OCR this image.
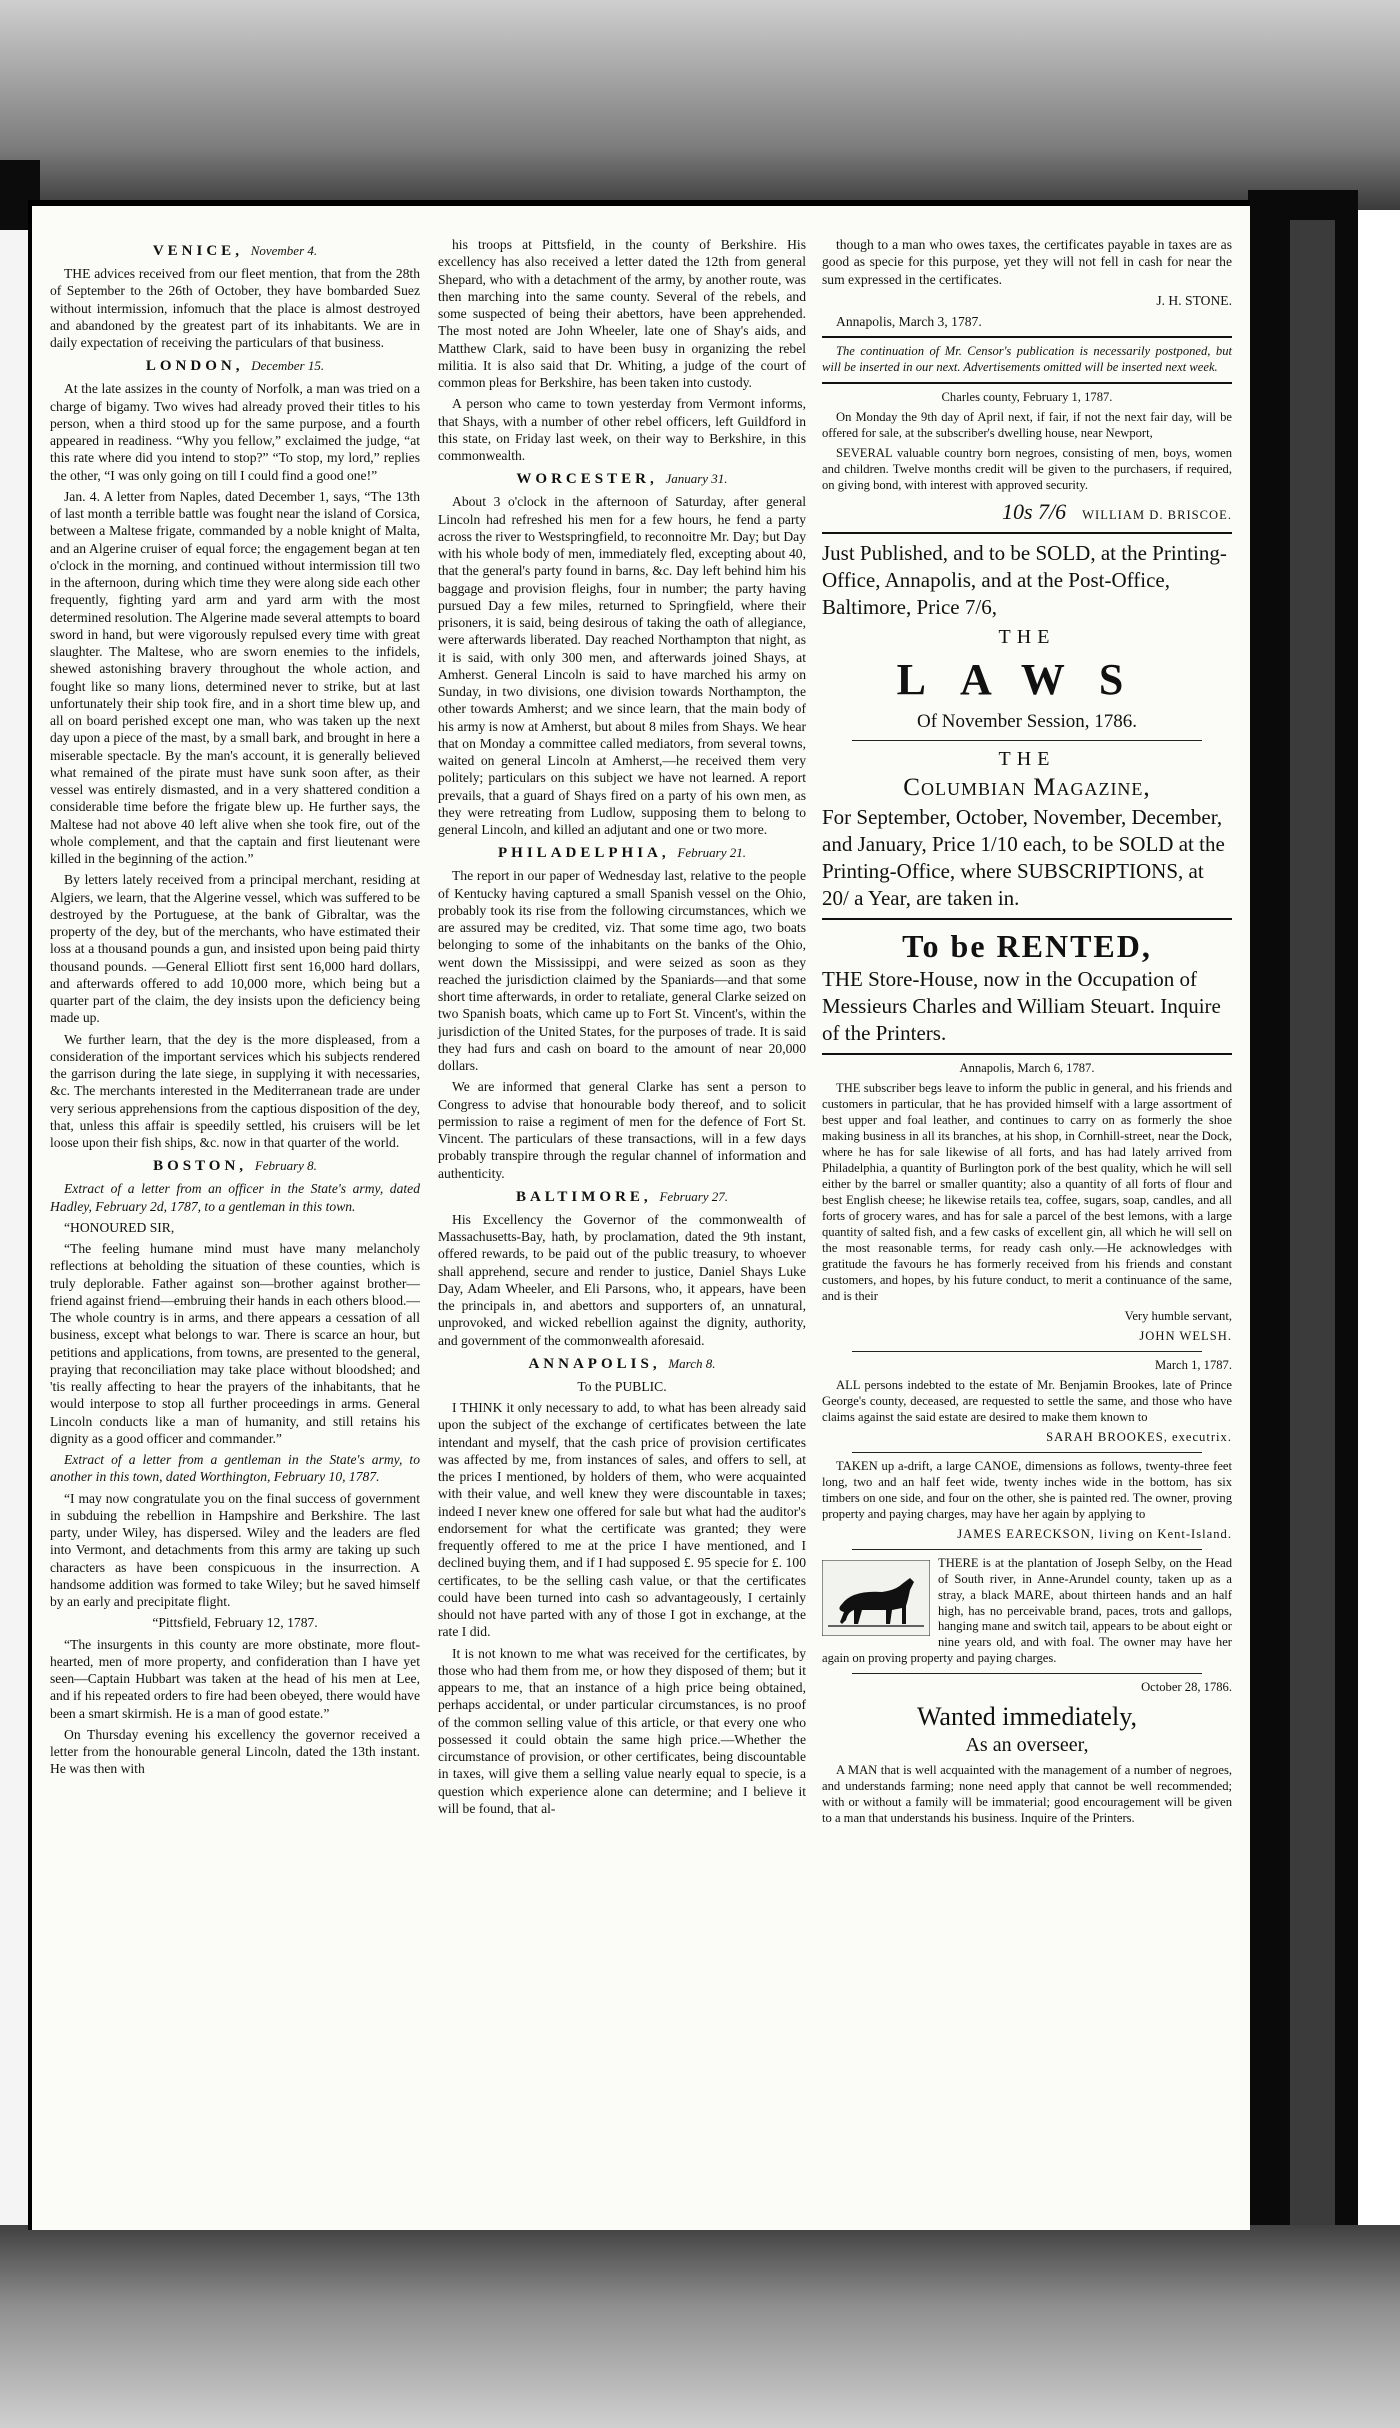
VENICE, November 4.

THE advices received from our fleet mention, that from the 28th of September to the 26th of October, they have bombarded Suez without intermission, infomuch that the place is almost destroyed and abandoned by the greatest part of its inhabitants. We are in daily expectation of receiving the particulars of that business.

LONDON, December 15.

At the late assizes in the county of Norfolk, a man was tried on a charge of bigamy. Two wives had already proved their titles to his person, when a third stood up for the same purpose, and a fourth appeared in readiness. “Why you fellow,” exclaimed the judge, “at this rate where did you intend to stop?” “To stop, my lord,” replies the other, “I was only going on till I could find a good one!”

Jan. 4. A letter from Naples, dated December 1, says, “The 13th of last month a terrible battle was fought near the island of Corsica, between a Maltese frigate, commanded by a noble knight of Malta, and an Algerine cruiser of equal force; the engagement began at ten o'clock in the morning, and continued without intermission till two in the afternoon, during which time they were along side each other frequently, fighting yard arm and yard arm with the most determined resolution. The Algerine made several attempts to board sword in hand, but were vigorously repulsed every time with great slaughter. The Maltese, who are sworn enemies to the infidels, shewed astonishing bravery throughout the whole action, and fought like so many lions, determined never to strike, but at last unfortunately their ship took fire, and in a short time blew up, and all on board perished except one man, who was taken up the next day upon a piece of the mast, by a small bark, and brought in here a miserable spectacle. By the man's account, it is generally believed what remained of the pirate must have sunk soon after, as their vessel was entirely dismasted, and in a very shattered condition a considerable time before the frigate blew up. He further says, the Maltese had not above 40 left alive when she took fire, out of the whole complement, and that the captain and first lieutenant were killed in the beginning of the action.”

By letters lately received from a principal merchant, residing at Algiers, we learn, that the Algerine vessel, which was suffered to be destroyed by the Portuguese, at the bank of Gibraltar, was the property of the dey, but of the merchants, who have estimated their loss at a thousand pounds a gun, and insisted upon being paid thirty thousand pounds. —General Elliott first sent 16,000 hard dollars, and afterwards offered to add 10,000 more, which being but a quarter part of the claim, the dey insists upon the deficiency being made up.

We further learn, that the dey is the more displeased, from a consideration of the important services which his subjects rendered the garrison during the late siege, in supplying it with necessaries, &c. The merchants interested in the Mediterranean trade are under very serious apprehensions from the captious disposition of the dey, that, unless this affair is speedily settled, his cruisers will be let loose upon their fish ships, &c. now in that quarter of the world.

BOSTON, February 8.

Extract of a letter from an officer in the State's army, dated Hadley, February 2d, 1787, to a gentleman in this town.

“HONOURED SIR,

“The feeling humane mind must have many melancholy reflections at beholding the situation of these counties, which is truly deplorable. Father against son—brother against brother—friend against friend—embruing their hands in each others blood.—The whole country is in arms, and there appears a cessation of all business, except what belongs to war. There is scarce an hour, but petitions and applications, from towns, are presented to the general, praying that reconciliation may take place without bloodshed; and 'tis really affecting to hear the prayers of the inhabitants, that he would interpose to stop all further proceedings in arms. General Lincoln conducts like a man of humanity, and still retains his dignity as a good officer and commander.”

Extract of a letter from a gentleman in the State's army, to another in this town, dated Worthington, February 10, 1787.

“I may now congratulate you on the final success of government in subduing the rebellion in Hampshire and Berkshire. The last party, under Wiley, has dispersed. Wiley and the leaders are fled into Vermont, and detachments from this army are taking up such characters as have been conspicuous in the insurrection. A handsome addition was formed to take Wiley; but he saved himself by an early and precipitate flight.

“Pittsfield, February 12, 1787.

“The insurgents in this county are more obstinate, more flout-hearted, men of more property, and confideration than I have yet seen—Captain Hubbart was taken at the head of his men at Lee, and if his repeated orders to fire had been obeyed, there would have been a smart skirmish. He is a man of good estate.”

On Thursday evening his excellency the governor received a letter from the honourable general Lincoln, dated the 13th instant. He was then with

his troops at Pittsfield, in the county of Berkshire. His excellency has also received a letter dated the 12th from general Shepard, who with a detachment of the army, by another route, was then marching into the same county. Several of the rebels, and some suspected of being their abettors, have been apprehended. The most noted are John Wheeler, late one of Shay's aids, and Matthew Clark, said to have been busy in organizing the rebel militia. It is also said that Dr. Whiting, a judge of the court of common pleas for Berkshire, has been taken into custody.

A person who came to town yesterday from Vermont informs, that Shays, with a number of other rebel officers, left Guildford in this state, on Friday last week, on their way to Berkshire, in this commonwealth.

WORCESTER, January 31.

About 3 o'clock in the afternoon of Saturday, after general Lincoln had refreshed his men for a few hours, he fend a party across the river to Westspringfield, to reconnoitre Mr. Day; but Day with his whole body of men, immediately fled, excepting about 40, that the general's party found in barns, &c. Day left behind him his baggage and provision fleighs, four in number; the party having pursued Day a few miles, returned to Springfield, where their prisoners, it is said, being desirous of taking the oath of allegiance, were afterwards liberated. Day reached Northampton that night, as it is said, with only 300 men, and afterwards joined Shays, at Amherst. General Lincoln is said to have marched his army on Sunday, in two divisions, one division towards Northampton, the other towards Amherst; and we since learn, that the main body of his army is now at Amherst, but about 8 miles from Shays. We hear that on Monday a committee called mediators, from several towns, waited on general Lincoln at Amherst,—he received them very politely; particulars on this subject we have not learned. A report prevails, that a guard of Shays fired on a party of his own men, as they were retreating from Ludlow, supposing them to belong to general Lincoln, and killed an adjutant and one or two more.

PHILADELPHIA, February 21.

The report in our paper of Wednesday last, relative to the people of Kentucky having captured a small Spanish vessel on the Ohio, probably took its rise from the following circumstances, which we are assured may be credited, viz. That some time ago, two boats belonging to some of the inhabitants on the banks of the Ohio, went down the Mississippi, and were seized as soon as they reached the jurisdiction claimed by the Spaniards—and that some short time afterwards, in order to retaliate, general Clarke seized on two Spanish boats, which came up to Fort St. Vincent's, within the jurisdiction of the United States, for the purposes of trade. It is said they had furs and cash on board to the amount of near 20,000 dollars.

We are informed that general Clarke has sent a person to Congress to advise that honourable body thereof, and to solicit permission to raise a regiment of men for the defence of Fort St. Vincent. The particulars of these transactions, will in a few days probably transpire through the regular channel of information and authenticity.

BALTIMORE, February 27.

His Excellency the Governor of the commonwealth of Massachusetts-Bay, hath, by proclamation, dated the 9th instant, offered rewards, to be paid out of the public treasury, to whoever shall apprehend, secure and render to justice, Daniel Shays Luke Day, Adam Wheeler, and Eli Parsons, who, it appears, have been the principals in, and abettors and supporters of, an unnatural, unprovoked, and wicked rebellion against the dignity, authority, and government of the commonwealth aforesaid.

ANNAPOLIS, March 8.

To the PUBLIC.

I THINK it only necessary to add, to what has been already said upon the subject of the exchange of certificates between the late intendant and myself, that the cash price of provision certificates was affected by me, from instances of sales, and offers to sell, at the prices I mentioned, by holders of them, who were acquainted with their value, and well knew they were discountable in taxes; indeed I never knew one offered for sale but what had the auditor's endorsement for what the certificate was granted; they were frequently offered to me at the price I have mentioned, and I declined buying them, and if I had supposed £. 95 specie for £. 100 certificates, to be the selling cash value, or that the certificates could have been turned into cash so advantageously, I certainly should not have parted with any of those I got in exchange, at the rate I did.

It is not known to me what was received for the certificates, by those who had them from me, or how they disposed of them; but it appears to me, that an instance of a high price being obtained, perhaps accidental, or under particular circumstances, is no proof of the common selling value of this article, or that every one who possessed it could obtain the same high price.—Whether the circumstance of provision, or other certificates, being discountable in taxes, will give them a selling value nearly equal to specie, is a question which experience alone can determine; and I believe it will be found, that al-

though to a man who owes taxes, the certificates payable in taxes are as good as specie for this purpose, yet they will not fell in cash for near the sum expressed in the certificates.

J. H. STONE.

Annapolis, March 3, 1787.

The continuation of Mr. Censor's publication is necessarily postponed, but will be inserted in our next. Advertisements omitted will be inserted next week.

Charles county, February 1, 1787.

On Monday the 9th day of April next, if fair, if not the next fair day, will be offered for sale, at the subscriber's dwelling house, near Newport,

SEVERAL valuable country born negroes, consisting of men, boys, women and children. Twelve months credit will be given to the purchasers, if required, on giving bond, with interest with approved security.

10s 7/6 WILLIAM D. BRISCOE.

Just Published, and to be SOLD, at the Printing-Office, Annapolis, and at the Post-Office, Baltimore, Price 7/6,

THE

LAWS

Of November Session, 1786.

THE

Columbian Magazine,

For September, October, November, December, and January, Price 1/10 each, to be SOLD at the Printing-Office, where SUBSCRIPTIONS, at 20/ a Year, are taken in.

To be RENTED,

THE Store-House, now in the Occupation of Messieurs Charles and William Steuart. Inquire of the Printers.

Annapolis, March 6, 1787.

THE subscriber begs leave to inform the public in general, and his friends and customers in particular, that he has provided himself with a large assortment of best upper and foal leather, and continues to carry on as formerly the shoe making business in all its branches, at his shop, in Cornhill-street, near the Dock, where he has for sale likewise of all forts, and has had lately arrived from Philadelphia, a quantity of Burlington pork of the best quality, which he will sell either by the barrel or smaller quantity; also a quantity of all forts of flour and best English cheese; he likewise retails tea, coffee, sugars, soap, candles, and all forts of grocery wares, and has for sale a parcel of the best lemons, with a large quantity of salted fish, and a few casks of excellent gin, all which he will sell on the most reasonable terms, for ready cash only.—He acknowledges with gratitude the favours he has formerly received from his friends and constant customers, and hopes, by his future conduct, to merit a continuance of the same, and is their

Very humble servant,

JOHN WELSH.

March 1, 1787.

ALL persons indebted to the estate of Mr. Benjamin Brookes, late of Prince George's county, deceased, are requested to settle the same, and those who have claims against the said estate are desired to make them known to

SARAH BROOKES, executrix.

TAKEN up a-drift, a large CANOE, dimensions as follows, twenty-three feet long, two and an half feet wide, twenty inches wide in the bottom, has six timbers on one side, and four on the other, she is painted red. The owner, proving property and paying charges, may have her again by applying to

JAMES EARECKSON, living on Kent-Island.

THERE is at the plantation of Joseph Selby, on the Head of South river, in Anne-Arundel county, taken up as a stray, a black MARE, about thirteen hands and an half high, has no perceivable brand, paces, trots and gallops, hanging mane and switch tail, appears to be about eight or nine years old, and with foal. The owner may have her again on proving property and paying charges.

October 28, 1786.

Wanted immediately,

As an overseer,

A MAN that is well acquainted with the management of a number of negroes, and understands farming; none need apply that cannot be well recommended; with or without a family will be immaterial; good encouragement will be given to a man that understands his business. Inquire of the Printers.
